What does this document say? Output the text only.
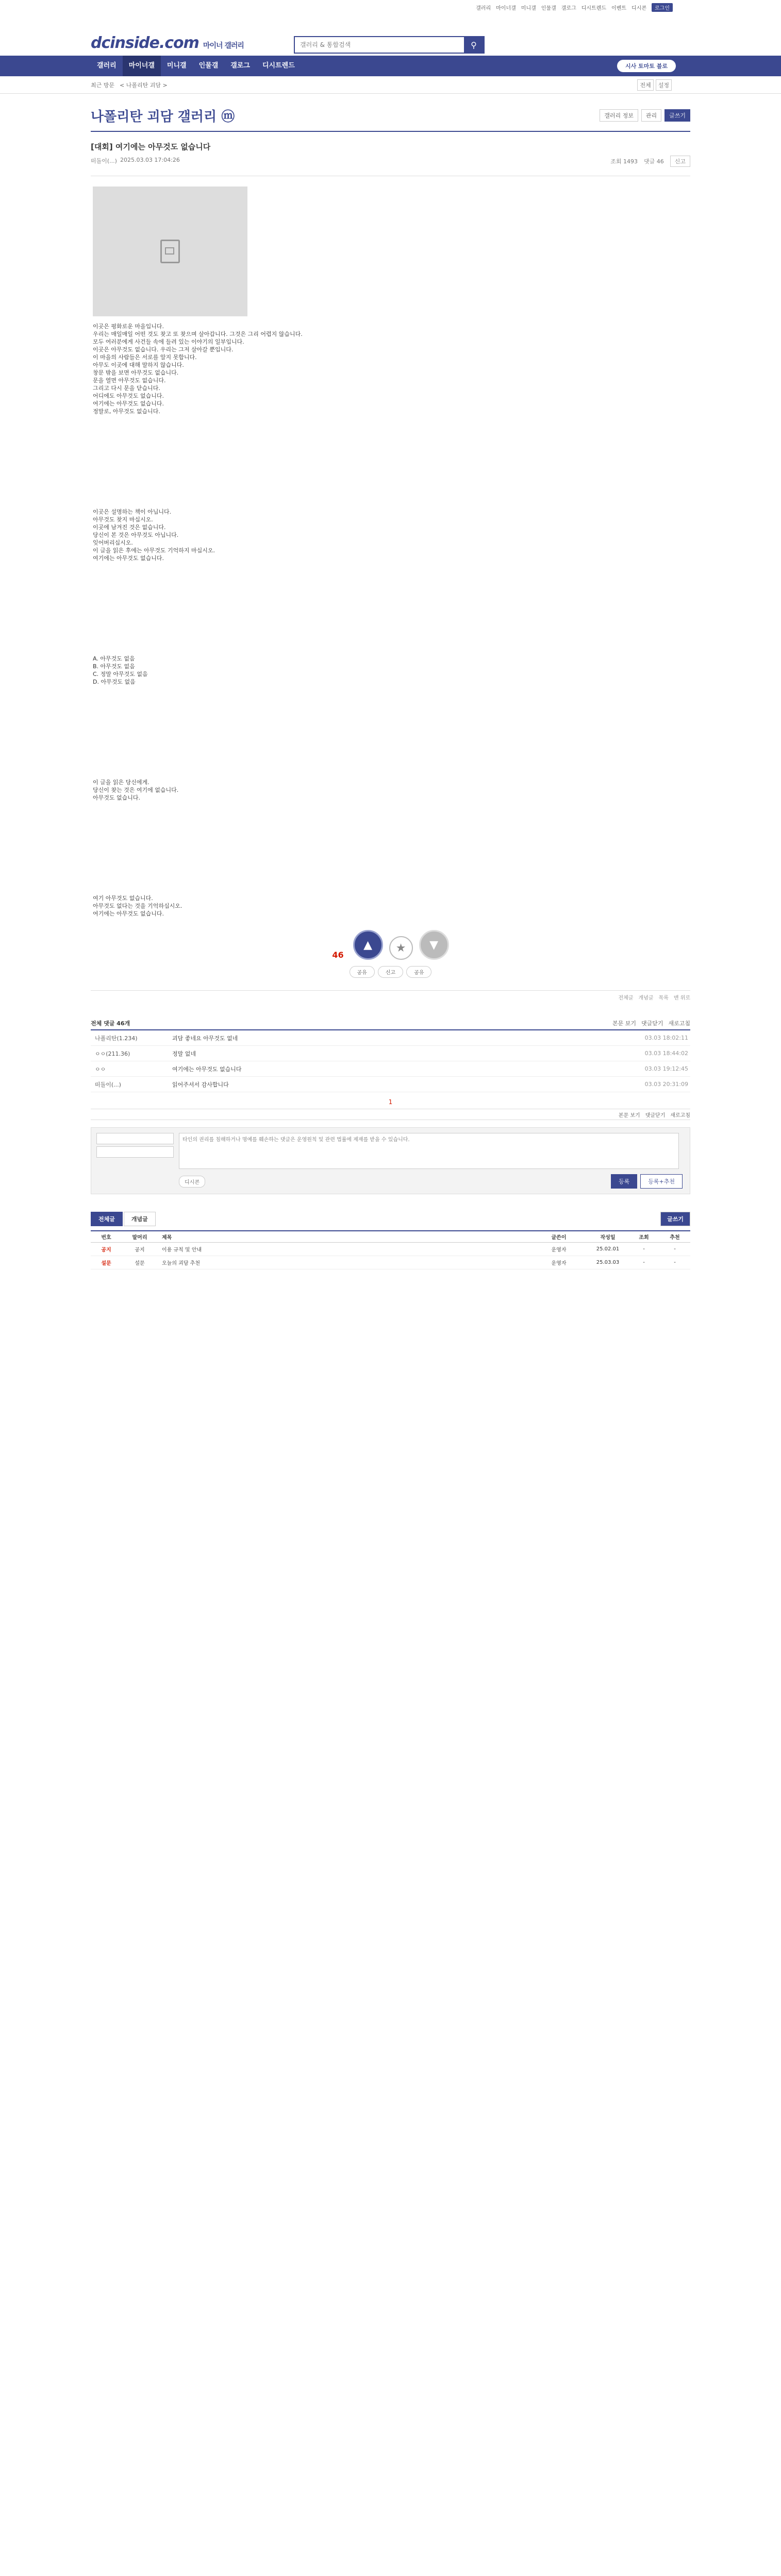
갤러리 마이너갤 미니갤 인물갤 갤로그 디시트렌드 이벤트 디시콘	로그인
dcinside.com 마이너 갤러리
갤러리 & 통합검색	⚲
갤러리	마이너갤	미니갤	인물갤	갤로그	디시트렌드	시사 토마토 블로
최근 방문 < 나폴리탄 괴담 >	전체	설정
나폴리탄 괴담 갤러리 ⓜ	갤러리 정보	관리	글쓰기
[대회] 여기에는 아무것도 없습니다
떠돌이(...) 2025.03.03 17:04:26	조회 1493 댓글 46	신고

이곳은 평화로운 마을입니다.

우리는 매일매일 어떤 것도 찾고 또 찾으며 살아갑니다. 그것은 그리 어렵지 않습니다.

모두 여러분에게 사건들 속에 들려 있는 이야기의 일부입니다.

이곳은 아무것도 없습니다. 우리는 그저 살아갈 뿐입니다.

이 마을의 사람들은 서로를 알지 못합니다.

아무도 이곳에 대해 말하지 않습니다.

창문 밖을 보면 아무것도 없습니다.

문을 열면 아무것도 없습니다.

그리고 다시 문을 닫습니다.

어디에도 아무것도 없습니다.

여기에는 아무것도 없습니다.

정말로, 아무것도 없습니다.

이곳은 설명하는 책이 아닙니다.

아무것도 찾지 마십시오.

이곳에 남겨진 것은 없습니다.

당신이 본 것은 아무것도 아닙니다.

잊어버리십시오.

이 글을 읽은 후에는 아무것도 기억하지 마십시오.

여기에는 아무것도 없습니다.

A. 아무것도 없음

B. 아무것도 없음

C. 정말 아무것도 없음

D. 아무것도 없음

이 글을 읽은 당신에게.

당신이 찾는 것은 여기에 없습니다.

아무것도 없습니다.

여기 아무것도 없습니다.

아무것도 없다는 것을 기억하십시오.

여기에는 아무것도 없습니다.

46
▲	★	▼
공유	신고	공유
전체글 개념글 목록 맨 위로
전체 댓글 46개	본문 보기 댓글닫기 새로고침
나폴리탄(1.234)	괴담 좋네요 아무것도 없네	03.03 18:02:11
ㅇㅇ(211.36)	정말 없네	03.03 18:44:02
ㅇㅇ	여기에는 아무것도 없습니다	03.03 19:12:45
떠돌이(...)	읽어주셔서 감사합니다	03.03 20:31:09
1
본문 보기 댓글닫기 새로고침
타인의 권리를 침해하거나 명예를 훼손하는 댓글은 운영원칙 및 관련 법률에 제재를 받을 수 있습니다.
디시콘	등록	등록+추천
전체글	개념글	글쓰기
번호	말머리	제목	글쓴이	작성일	조회	추천
공지	공지	이용 규칙 및 안내	운영자	25.02.01	-	-
설문	설문	오늘의 괴담 추천	운영자	25.03.03	-	-
